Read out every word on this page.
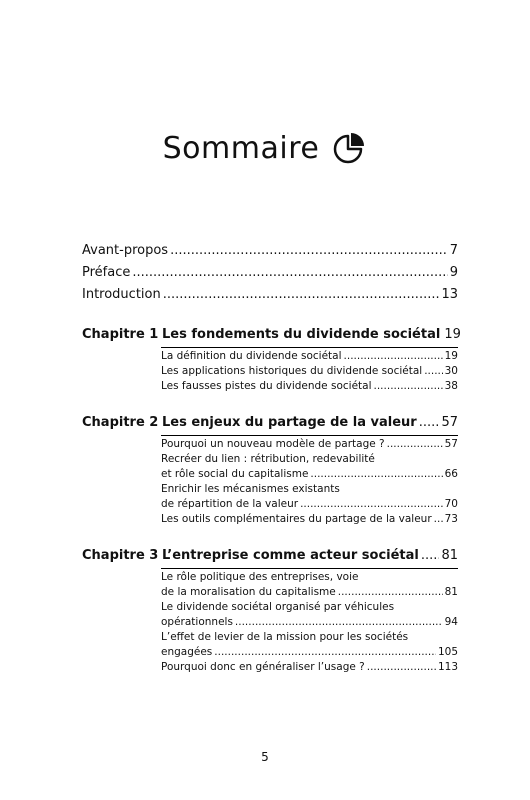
Sommaire
Avant-propos .....	7
Préface .....	9
Introduction .....	13
Chapitre 1 Les fondements du dividende sociétal 19
La définition du dividende sociétal .....	19
Les applications historiques du dividende sociétal ..... 30
Les fausses pistes du dividende sociétal .....	38
Chapitre 2 Les enjeux du partage de la valeur ..... 57
Pourquoi un nouveau modèle de partage ? .....	57
Recréer du lien : rétribution, redevabilité
et rôle social du capitalisme .....	66
Enrichir les mécanismes existants
de répartition de la valeur .....	70
Les outils complémentaires du partage de la valeur ..... 73
Chapitre 3 L’entreprise comme acteur sociétal ..... 81
Le rôle politique des entreprises, voie
de la moralisation du capitalisme .....	81
Le dividende sociétal organisé par véhicules
opérationnels .....	94
L’effet de levier de la mission pour les sociétés
engagées .....	105
Pourquoi donc en généraliser l’usage ? .....	113
5
